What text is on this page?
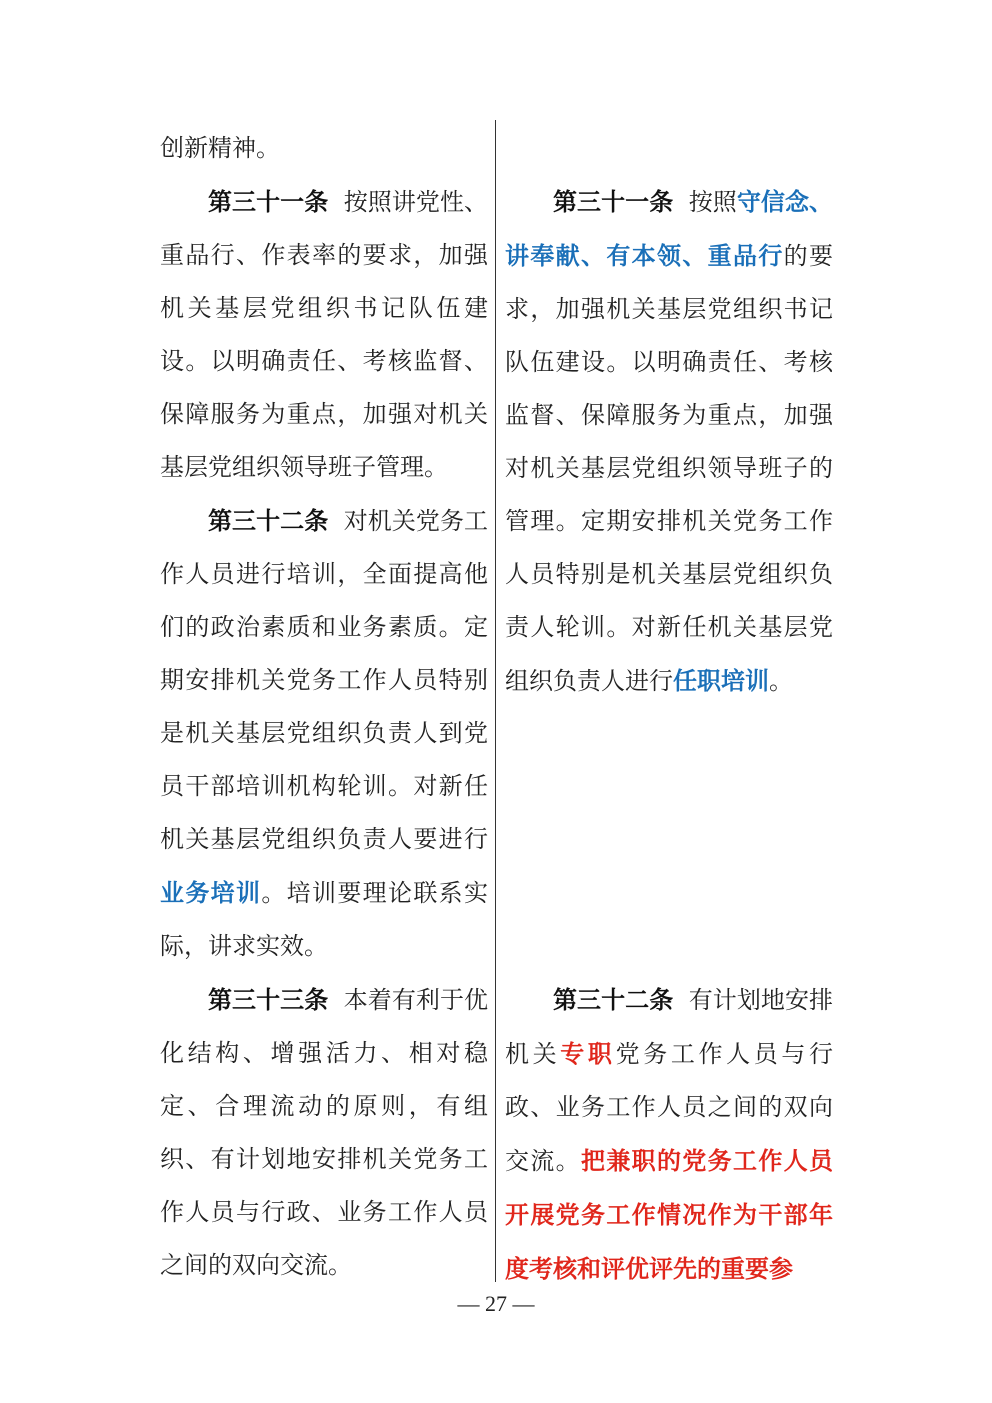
创新精神。

第三十一条 按照讲党性、重品行、作表率的要求，加强机关基层党组织书记队伍建设。以明确责任、考核监督、保障服务为重点，加强对机关基层党组织领导班子管理。

第三十二条 对机关党务工作人员进行培训，全面提高他们的政治素质和业务素质。定期安排机关党务工作人员特别是机关基层党组织负责人到党员干部培训机构轮训。对新任机关基层党组织负责人要进行业务培训。培训要理论联系实际，讲求实效。

第三十三条 本着有利于优化结构、增强活力、相对稳定、合理流动的原则，有组织、有计划地安排机关党务工作人员与行政、业务工作人员之间的双向交流。

第三十一条 按照守信念、讲奉献、有本领、重品行的要求，加强机关基层党组织书记队伍建设。以明确责任、考核监督、保障服务为重点，加强对机关基层党组织领导班子的管理。定期安排机关党务工作人员特别是机关基层党组织负责人轮训。对新任机关基层党组织负责人进行任职培训。

第三十二条 有计划地安排机关专职党务工作人员与行政、业务工作人员之间的双向交流。把兼职的党务工作人员开展党务工作情况作为干部年度考核和评优评先的重要参

— 27 —
